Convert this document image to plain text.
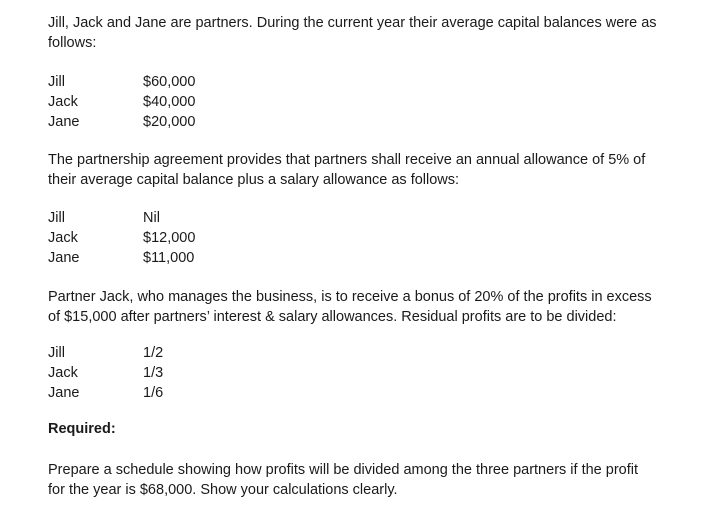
Jill, Jack and Jane are partners. During the current year their average capital balances were as follows:

Jill	$60,000
Jack	$40,000
Jane	$20,000

The partnership agreement provides that partners shall receive an annual allowance of 5% of their average capital balance plus a salary allowance as follows:

Jill	Nil
Jack	$12,000
Jane	$11,000

Partner Jack, who manages the business, is to receive a bonus of 20% of the profits in excess of $15,000 after partners’ interest & salary allowances. Residual profits are to be divided:

Jill	1/2
Jack	1/3
Jane	1/6
Required:

Prepare a schedule showing how profits will be divided among the three partners if the profit for the year is $68,000. Show your calculations clearly.
